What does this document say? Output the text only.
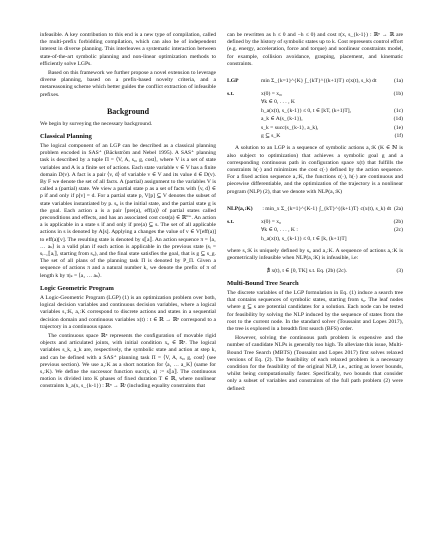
infeasible. A key contribution to this end is a new type of compilation, called the multi-prefix forbidding compilation, which can also be of independent interest in diverse planning. This interleaves a systematic interaction between state-of-the-art symbolic planning and non-linear optimization methods to efficiently solve LGPs.

Based on this framework we further propose a novel extension to leverage diverse planning, based on a prefix-based novelty criteria, and a metareasoning scheme which better guides the conflict extraction of infeasible prefixes.

Background

We begin by surveying the necessary background.

Classical Planning

The logical component of an LGP can be described as a classical planning problem encoded in SAS⁺ (Bäckström and Nebel 1995). A SAS⁺ planning task is described by a tuple Π = ⟨V, A, s₀, g, cost⟩, where V is a set of state variables and A is a finite set of actions. Each state variable v ∈ V has a finite domain D(v). A fact is a pair ⟨v, d⟩ of variable v ∈ V and its value d ∈ D(v). By F we denote the set of all facts. A (partial) assignment to the variables V is called a (partial) state. We view a partial state p as a set of facts with ⟨v, d⟩ ∈ p if and only if p[v] = d. For a partial state p, V[p] ⊆ V denotes the subset of state variables instantiated by p. s₀ is the initial state, and the partial state g is the goal. Each action a is a pair ⟨pre(a), eff(a)⟩ of partial states called preconditions and effects, and has an associated cost cost(a) ∈ ℝ⁰⁺. An action a is applicable in a state s if and only if pre(a) ⊆ s. The set of all applicable actions in s is denoted by A[s]. Applying a changes the value of v ∈ V[eff(a)] to eff(a)[v]. The resulting state is denoted by s⟦a⟧. An action sequence π = ⟨a₁ … aₖ⟩ is a valid plan if each action is applicable in the previous state (sᵢ = sᵢ₋₁⟦aᵢ⟧, starting from s₀), and the final state satisfies the goal, that is g ⊆ s_g. The set of all plans of the planning task Π is denoted by P_Π. Given a sequence of actions π and a natural number k, we denote the prefix of π of length k by π|ₖ = ⟨a₁ … aₖ⟩.

Logic Geometric Program

A Logic-Geometric Program (LGP) (1) is an optimization problem over both, logical decision variables and continuous decision variables, where a logical variables s₁:K, a₁:K correspond to discrete actions and states in a sequential decision domain and continuous variables x(t) : t ∈ ℝ → ℝⁿ correspond to a trajectory in a continuous space.

The continuous space ℝⁿ represents the configuration of movable rigid objects and articulated joints, with initial condition x₀ ∈ ℝⁿ. The logical variables s_k, a_k are, respectively, the symbolic state and action at step k, and can be defined with a SAS⁺ planning task Π = ⟨V, A, s₀, g, cost⟩ (see previous section). We use a₁:K as a short notation for ⟨a₁ … a_K⟩ (same for s₁:K). We define the successor function succ(s, a) := s⟦a⟧. The continuous motion is divided into K phases of fixed duration T ∈ ℝ, where nonlinear constraints h_a(x, s_{k-1}) : ℝⁿ → ℝʳ (including equality constraints that

can be rewritten as h ≤ 0 and −h ≤ 0) and cost r(x, s_{k-1}) : ℝⁿ → ℝ are defined by the history of symbolic states up to k. Cost represents control effort (e.g. energy, acceleration, force and torque) and nonlinear constraints model, for example, collision avoidance, grasping, placement, and kinematic constraints.

LGP	min Σ_{k=1}^{K} ∫_{kT}^{(k+1)T} c(x(t), s_k) dt	(1a)
s.t.	x(0) = x₀,	(1b)
∀k ∈ 0, . . . , K
h_a(x(t), s_{k-1}) ≤ 0, t ∈ [kT, (k+1)T],	(1c)
a_k ∈ A(s_{k-1}),	(1d)
s_k = succ(s_{k-1}, a_k),	(1e)
g ⊆ s_K	(1f)

A solution to an LGP is a sequence of symbolic actions a₁:K (K ∈ ℕ is also subject to optimization) that achieves a symbolic goal g and a corresponding continuous path in configuration space x(t) that fulfills the constraints h(·) and minimizes the cost c(·) defined by the action sequence. For a fixed action sequence a₁:K, the functions c(·), h(·) are continuous and piecewise differentiable, and the optimization of the trajectory is a nonlinear program (NLP) (2), that we denote with NLP(a₁:K)

NLP(a₁:K)	: min_x Σ_{k=1}^{K-1} ∫_{kT}^{(k+1)T} c(x(t), s_k) dt (2a)
s.t.	x(0) = x₀	(2b)
∀k ∈ 0, . . . , K :	(2c)
h_a(x(t), s_{k-1}) ≤ 0, t ∈ [k, (k+1)T]

where s₁:K is uniquely defined by s₀ and a₁:K. A sequence of actions a₁:K is geometrically infeasible when NLP(a₁:K) is infeasible, i.e:

∄ x(t), t ∈ [0, TK] s.t. Eq. (2b) (2c).	(3)
Multi-Bound Tree Search

The discrete variables of the LGP formulation in Eq. (1) induce a search tree that contains sequences of symbolic states, starting from s₀. The leaf nodes where g ⊆ s are potential candidates for a solution. Each node can be tested for feasibility by solving the NLP induced by the sequence of states from the root to the current node. In the standard solver (Toussaint and Lopes 2017), the tree is explored in a breadth first search (BFS) order.

However, solving the continuous path problem is expensive and the number of candidate NLPs is generally too high. To alleviate this issue, Multi-Bound Tree Search (MBTS) (Toussaint and Lopes 2017) first solves relaxed versions of Eq. (2). The feasibility of each relaxed problem is a necessary condition for the feasibility of the original NLP, i.e., acting as lower bounds, whilst being computationally faster. Specifically, two bounds that consider only a subset of variables and constraints of the full path problem (2) were defined:
